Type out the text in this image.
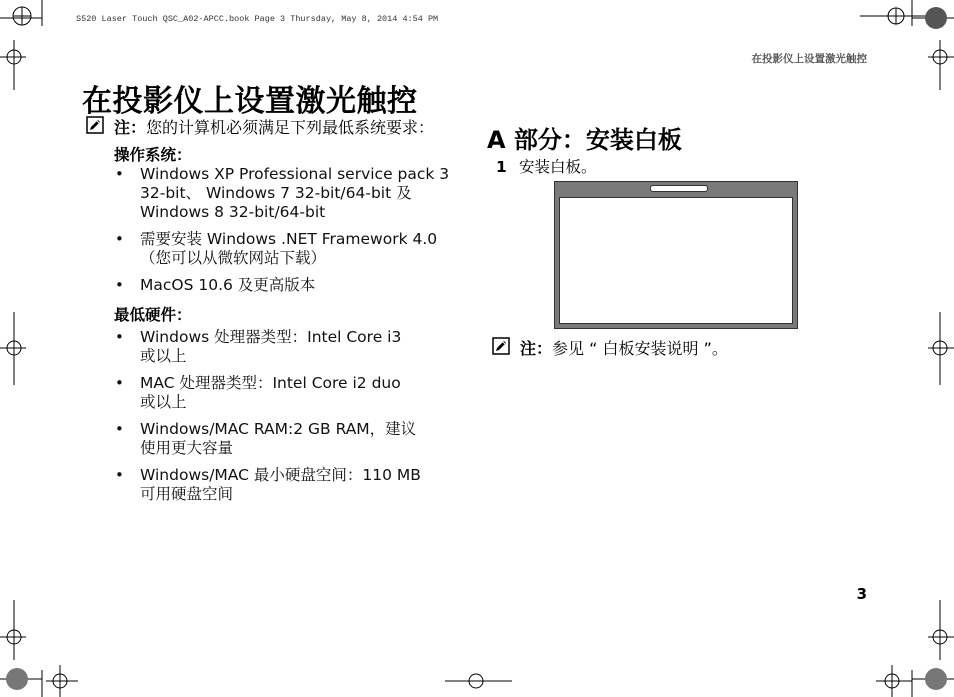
S520 Laser Touch QSC_A02-APCC.book Page 3 Thursday, May 8, 2014 4:54 PM
在投影仪上设置激光触控
在投影仪上设置激光触控
注：您的计算机必须满足下列最低系统要求：
操作系统：
• Windows XP Professional service pack 3
32-bit、 Windows 7 32-bit/64-bit 及
Windows 8 32-bit/64-bit
• 需要安装 Windows .NET Framework 4.0
（您可以从微软网站下载）
• MacOS 10.6 及更高版本
最低硬件：
• Windows 处理器类型：Intel Core i3
或以上
• MAC 处理器类型：Intel Core i2 duo
或以上
• Windows/MAC RAM:2 GB RAM，建议
使用更大容量
• Windows/MAC 最小硬盘空间：110 MB
可用硬盘空间
A 部分：安装白板
1 安装白板。
注：参见 “ 白板安装说明 ”。
3
